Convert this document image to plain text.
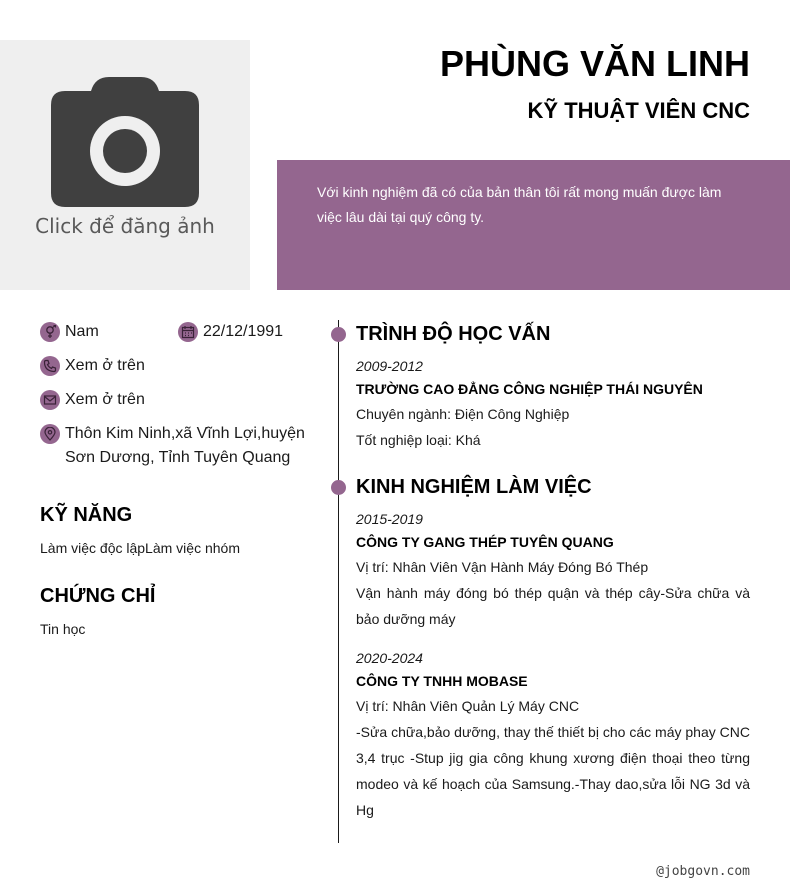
Click để đăng ảnh
PHÙNG VĂN LINH
KỸ THUẬT VIÊN CNC
Với kinh nghiệm đã có của bản thân tôi rất mong muấn được làm việc lâu dài tại quý công ty.
Nam	22/12/1991
Xem ở trên
Xem ở trên
Thôn Kim Ninh,xã Vĩnh Lợi,huyện Sơn Dương, Tỉnh Tuyên Quang
KỸ NĂNG
Làm việc độc lậpLàm việc nhóm
CHỨNG CHỈ
Tin học
TRÌNH ĐỘ HỌC VẤN
2009-2012
TRƯỜNG CAO ĐẲNG CÔNG NGHIỆP THÁI NGUYÊN
Chuyên ngành: Điện Công Nghiệp
Tốt nghiệp loại: Khá
KINH NGHIỆM LÀM VIỆC
2015-2019
CÔNG TY GANG THÉP TUYÊN QUANG
Vị trí: Nhân Viên Vận Hành Máy Đóng Bó Thép
Vận hành máy đóng bó thép quận và thép cây-Sửa chữa và bảo dưỡng máy
2020-2024
CÔNG TY TNHH MOBASE
Vị trí: Nhân Viên Quản Lý Máy CNC
-Sửa chữa,bảo dưỡng, thay thế thiết bị cho các máy phay CNC 3,4 trục -Stup jig gia công khung xương điện thoại theo từng modeo và kế hoạch của Samsung.-Thay dao,sửa lỗi NG 3d và Hg
@jobgovn.com
